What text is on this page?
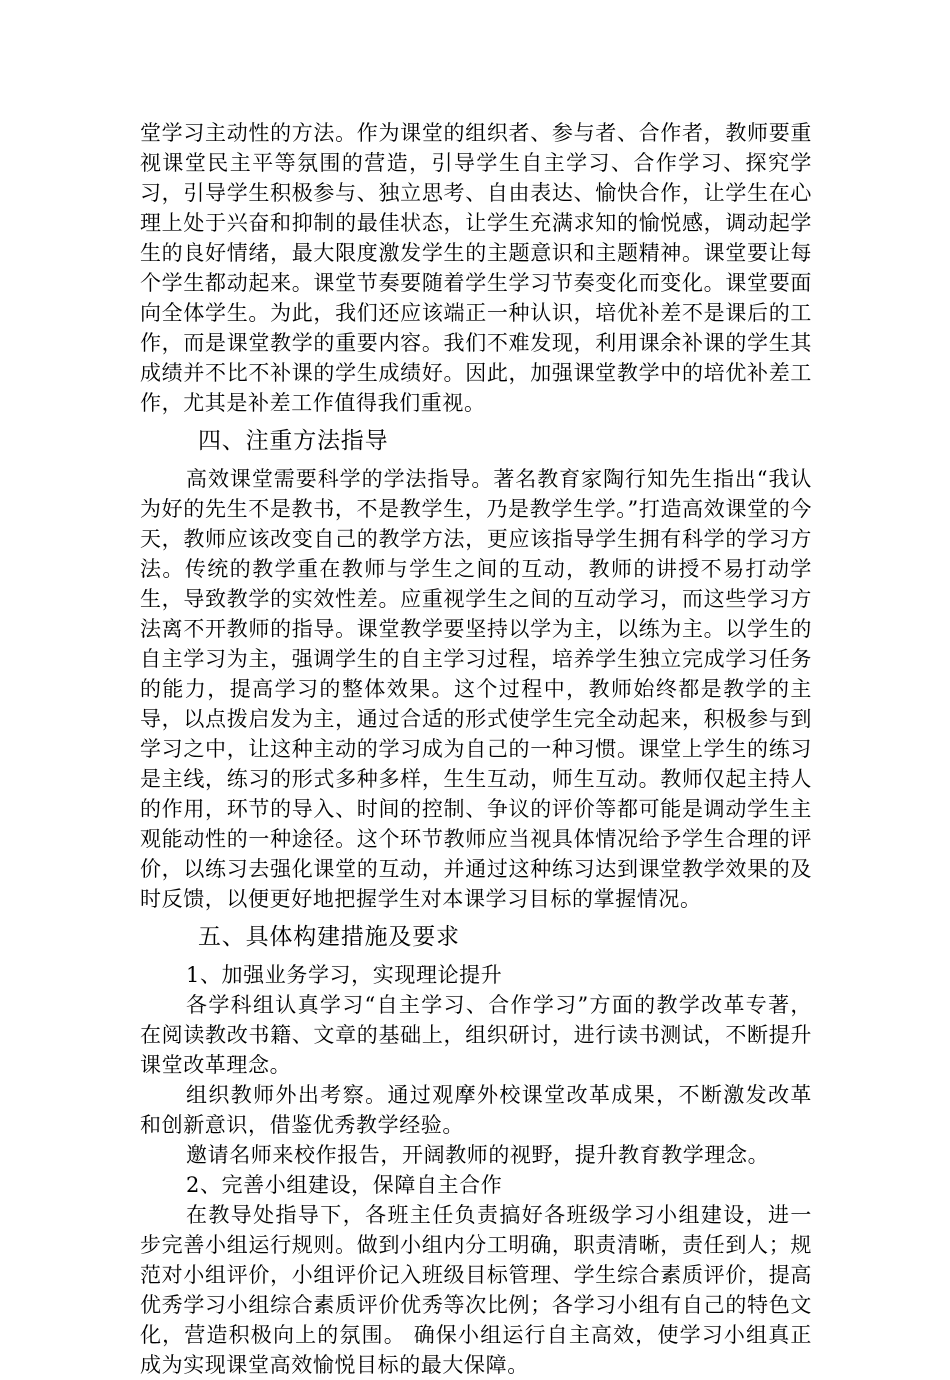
堂学习主动性的方法。作为课堂的组织者、参与者、合作者，教师要重视课堂民主平等氛围的营造，引导学生自主学习、合作学习、探究学习，引导学生积极参与、独立思考、自由表达、愉快合作，让学生在心理上处于兴奋和抑制的最佳状态，让学生充满求知的愉悦感，调动起学生的良好情绪，最大限度激发学生的主题意识和主题精神。课堂要让每个学生都动起来。课堂节奏要随着学生学习节奏变化而变化。课堂要面向全体学生。为此，我们还应该端正一种认识，培优补差不是课后的工作，而是课堂教学的重要内容。我们不难发现，利用课余补课的学生其成绩并不比不补课的学生成绩好。因此，加强课堂教学中的培优补差工作，尤其是补差工作值得我们重视。

四、注重方法指导

高效课堂需要科学的学法指导。著名教育家陶行知先生指出“我认为好的先生不是教书，不是教学生，乃是教学生学。”打造高效课堂的今天，教师应该改变自己的教学方法，更应该指导学生拥有科学的学习方法。传统的教学重在教师与学生之间的互动，教师的讲授不易打动学生，导致教学的实效性差。应重视学生之间的互动学习，而这些学习方法离不开教师的指导。课堂教学要坚持以学为主，以练为主。以学生的自主学习为主，强调学生的自主学习过程，培养学生独立完成学习任务的能力，提高学习的整体效果。这个过程中，教师始终都是教学的主导，以点拨启发为主，通过合适的形式使学生完全动起来，积极参与到学习之中，让这种主动的学习成为自己的一种习惯。课堂上学生的练习是主线，练习的形式多种多样，生生互动，师生互动。教师仅起主持人的作用，环节的导入、时间的控制、争议的评价等都可能是调动学生主观能动性的一种途径。这个环节教师应当视具体情况给予学生合理的评价，以练习去强化课堂的互动，并通过这种练习达到课堂教学效果的及时反馈，以便更好地把握学生对本课学习目标的掌握情况。

五、具体构建措施及要求

1、加强业务学习，实现理论提升

各学科组认真学习“自主学习、合作学习”方面的教学改革专著，在阅读教改书籍、文章的基础上，组织研讨，进行读书测试，不断提升课堂改革理念。

组织教师外出考察。通过观摩外校课堂改革成果，不断激发改革和创新意识，借鉴优秀教学经验。

邀请名师来校作报告，开阔教师的视野，提升教育教学理念。

2、完善小组建设，保障自主合作

在教导处指导下，各班主任负责搞好各班级学习小组建设，进一步完善小组运行规则。做到小组内分工明确，职责清晰，责任到人；规范对小组评价，小组评价记入班级目标管理、学生综合素质评价，提高优秀学习小组综合素质评价优秀等次比例；各学习小组有自己的特色文化，营造积极向上的氛围。 确保小组运行自主高效，使学习小组真正成为实现课堂高效愉悦目标的最大保障。
